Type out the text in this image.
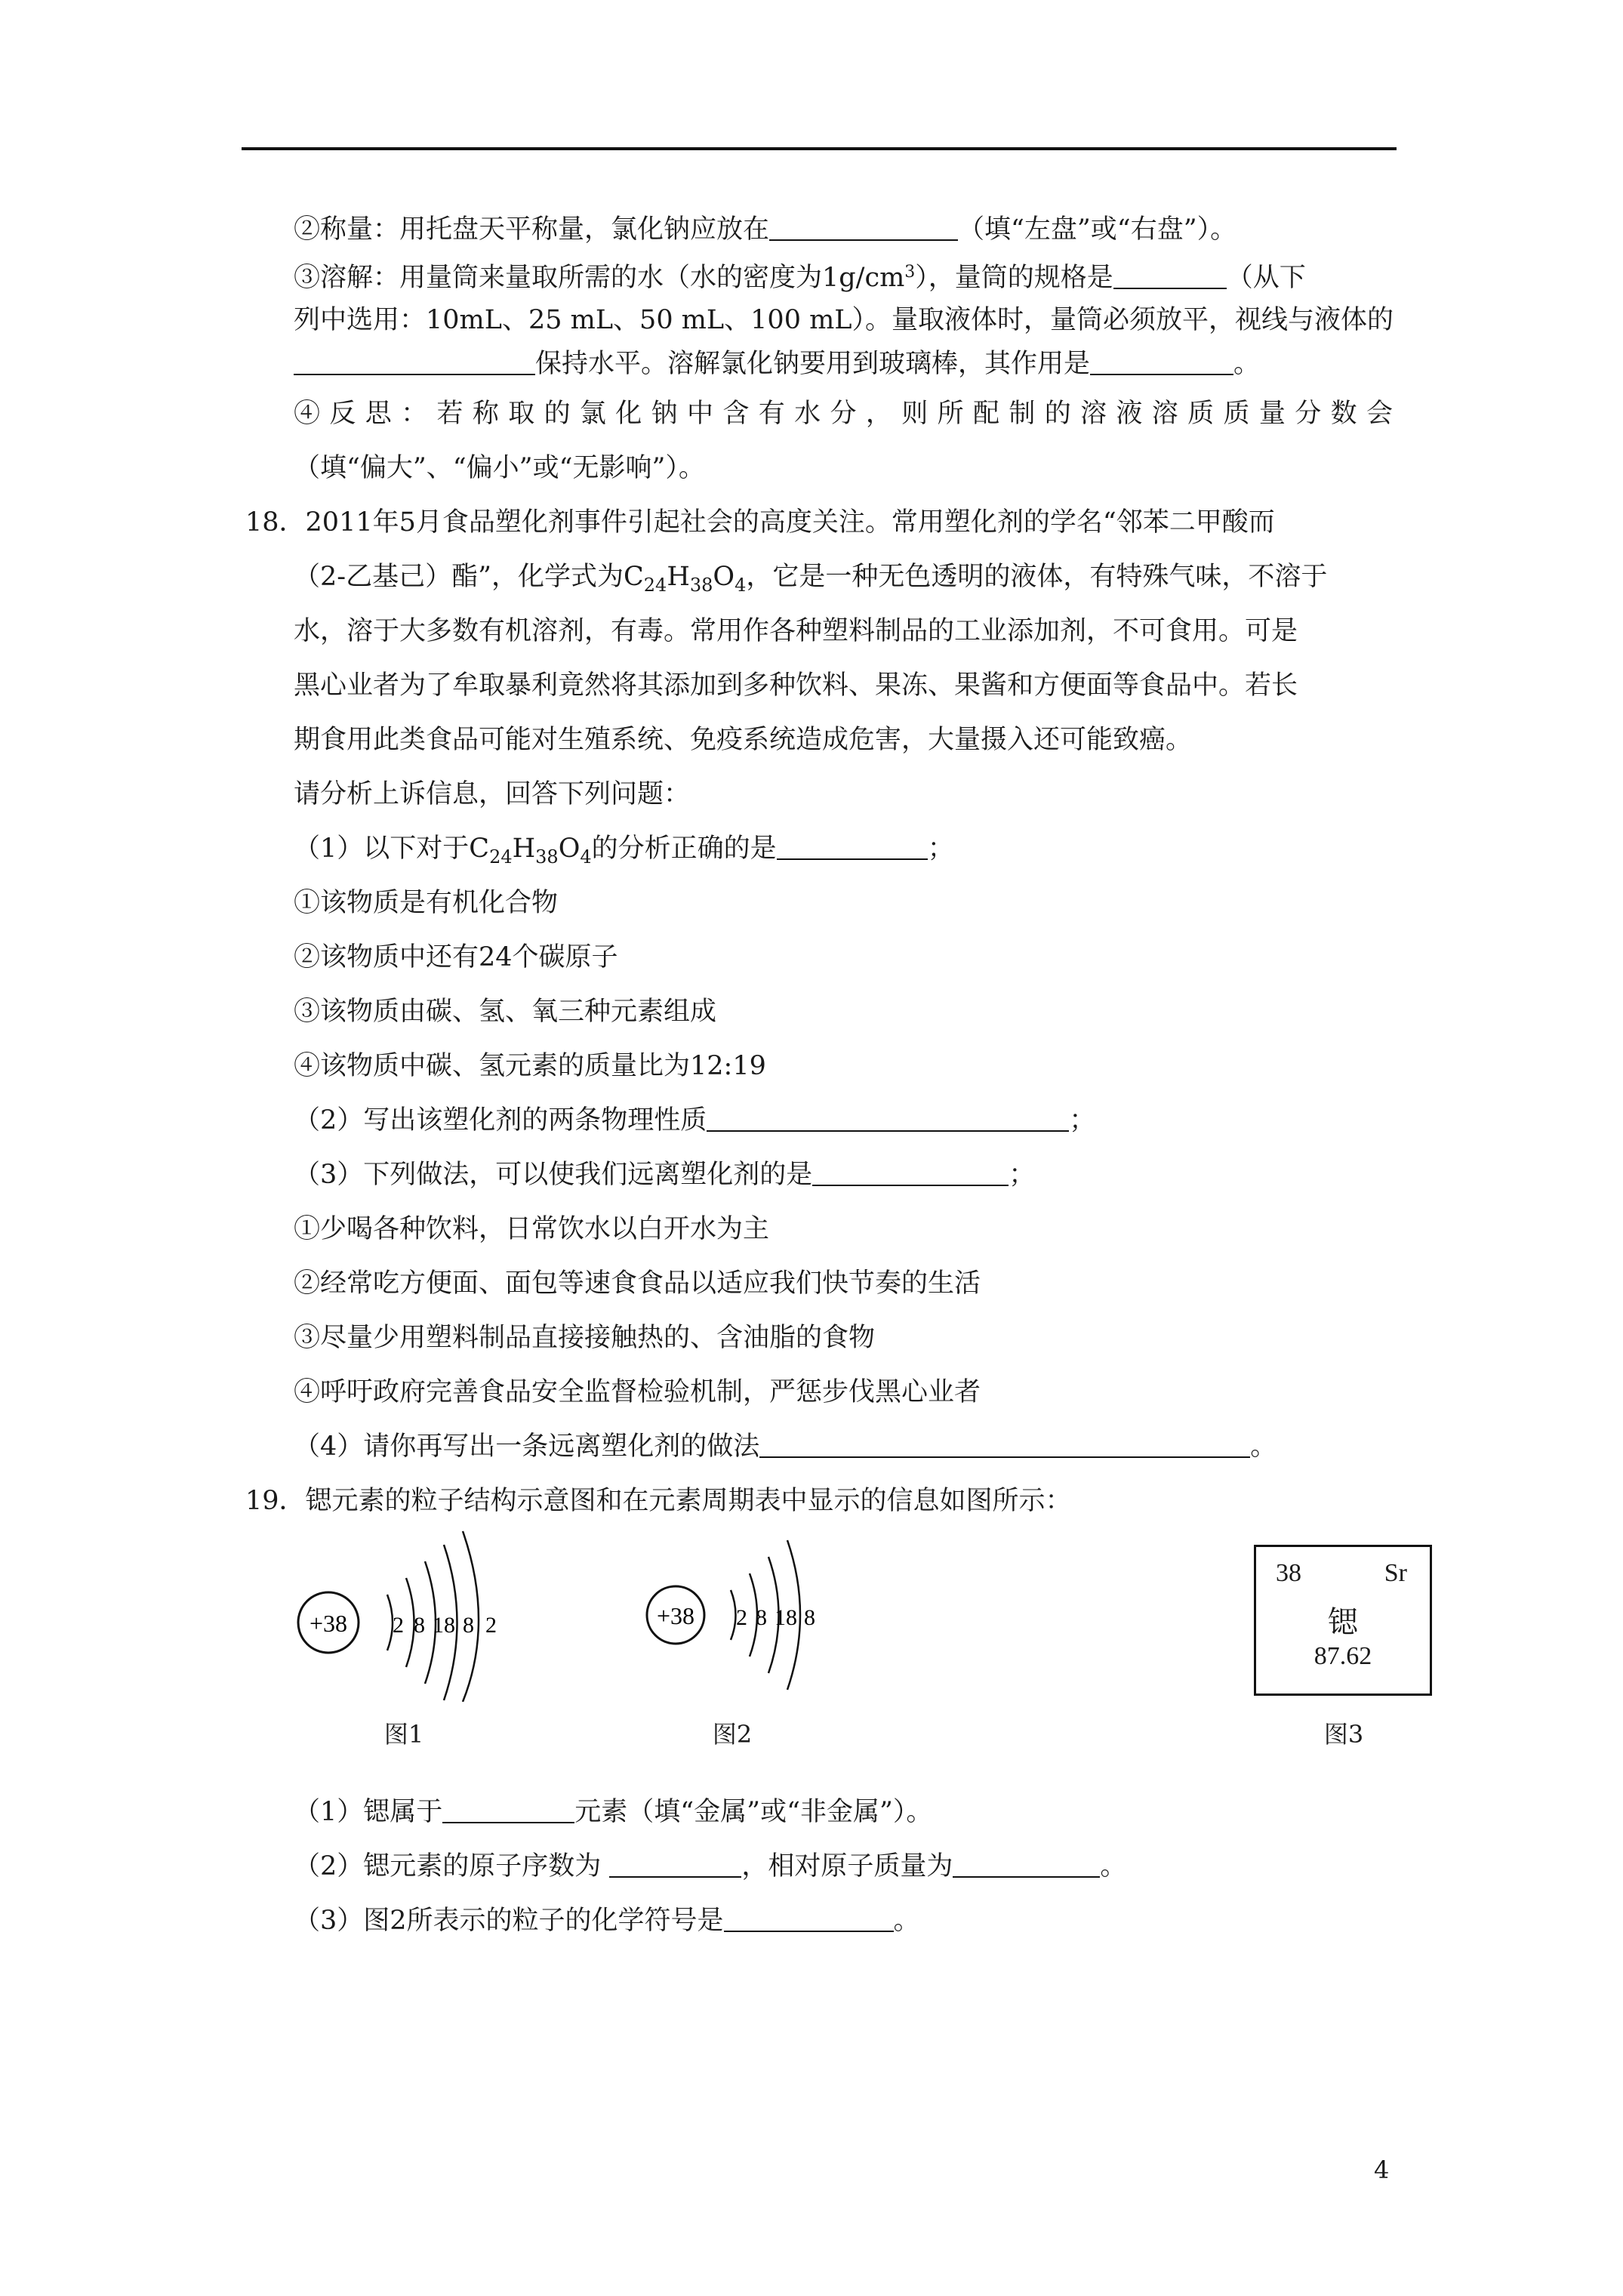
②称量：用托盘天平称量，氯化钠应放在	（填“左盘”或“右盘”）。
③溶解：用量筒来量取所需的水（水的密度为$1g/cm^3$），量筒的规格是	（从下
列中选用：10mL、25 mL、50 mL、100 mL）。量取液体时，量筒必须放平，视线与液体的
保持水平。溶解氯化钠要用到玻璃棒，其作用是	。
④反思：若称取的氯化钠中含有水分，则所配制的溶液溶质质量分数会
（填“偏大”、“偏小”或“无影响”）。
18．2011年5月食品塑化剂事件引起社会的高度关注。常用塑化剂的学名“邻苯二甲酸而
（2-乙基己）酯”，化学式为$C_{24}H_{38}O_4$，它是一种无色透明的液体，有特殊气味，不溶于
水，溶于大多数有机溶剂，有毒。常用作各种塑料制品的工业添加剂，不可食用。可是
黑心业者为了牟取暴利竟然将其添加到多种饮料、果冻、果酱和方便面等食品中。若长
期食用此类食品可能对生殖系统、免疫系统造成危害，大量摄入还可能致癌。
请分析上诉信息，回答下列问题：
（1）以下对于$C_{24}H_{38}O_4$的分析正确的是	；
①该物质是有机化合物
②该物质中还有24个碳原子
③该物质由碳、氢、氧三种元素组成
④该物质中碳、氢元素的质量比为12:19
（2）写出该塑化剂的两条物理性质	；
（3）下列做法，可以使我们远离塑化剂的是	；
①少喝各种饮料，日常饮水以白开水为主
②经常吃方便面、面包等速食食品以适应我们快节奏的生活
③尽量少用塑料制品直接接触热的、含油脂的食物
④呼吁政府完善食品安全监督检验机制，严惩步伐黑心业者
（4）请你再写出一条远离塑化剂的做法	。
19．锶元素的粒子结构示意图和在元素周期表中显示的信息如图所示：
+38 2 8 18 8 2
图1
+38 2 8 18 8
图2
38	Sr
锶
87.62
图3
（1）锶属于	元素（填“金属”或“非金属”）。
（2）锶元素的原子序数为	，相对原子质量为	。
（3）图2所表示的粒子的化学符号是	。
4
